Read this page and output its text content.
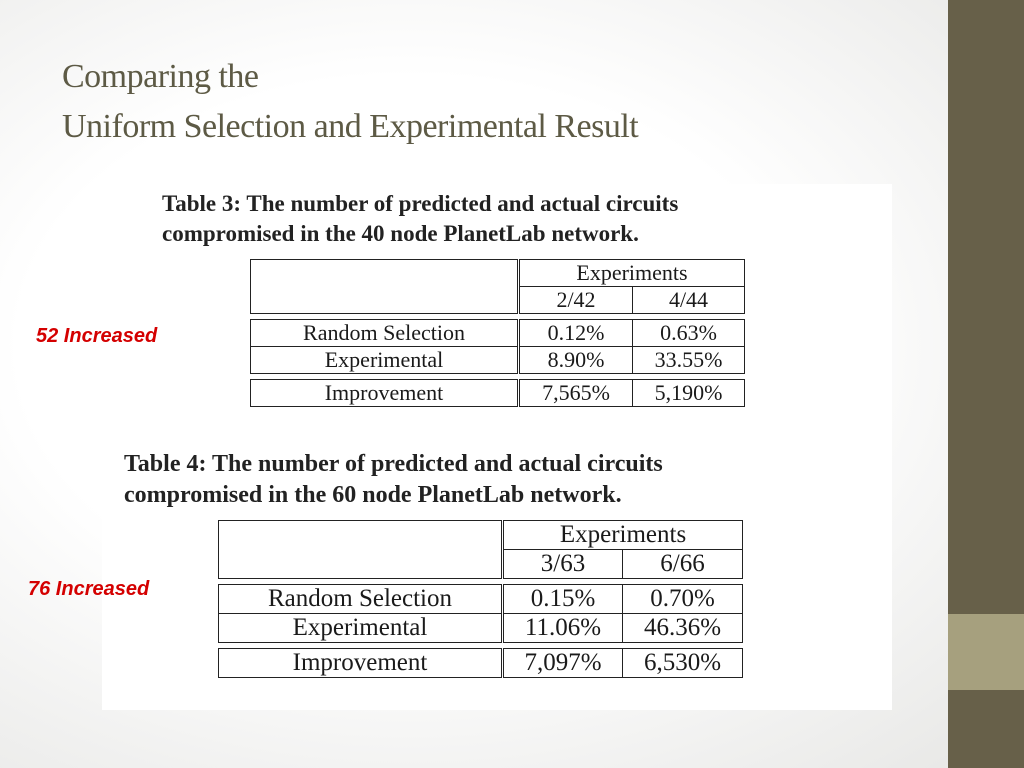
Comparing the
Uniform Selection and Experimental Result

Table 3: The number of predicted and actual circuits
compromised in the 40 node PlanetLab network.

52 Increased
	Experiments	
	2/42	4/44

Random Selection	0.12%	0.63%
Experimental	8.90%	33.55%

Improvement	7,565%	5,190%

Table 4: The number of predicted and actual circuits
compromised in the 60 node PlanetLab network.

76 Increased
	Experiments	
	3/63	6/66

Random Selection	0.15%	0.70%
Experimental	11.06%	46.36%

Improvement	7,097%	6,530%
